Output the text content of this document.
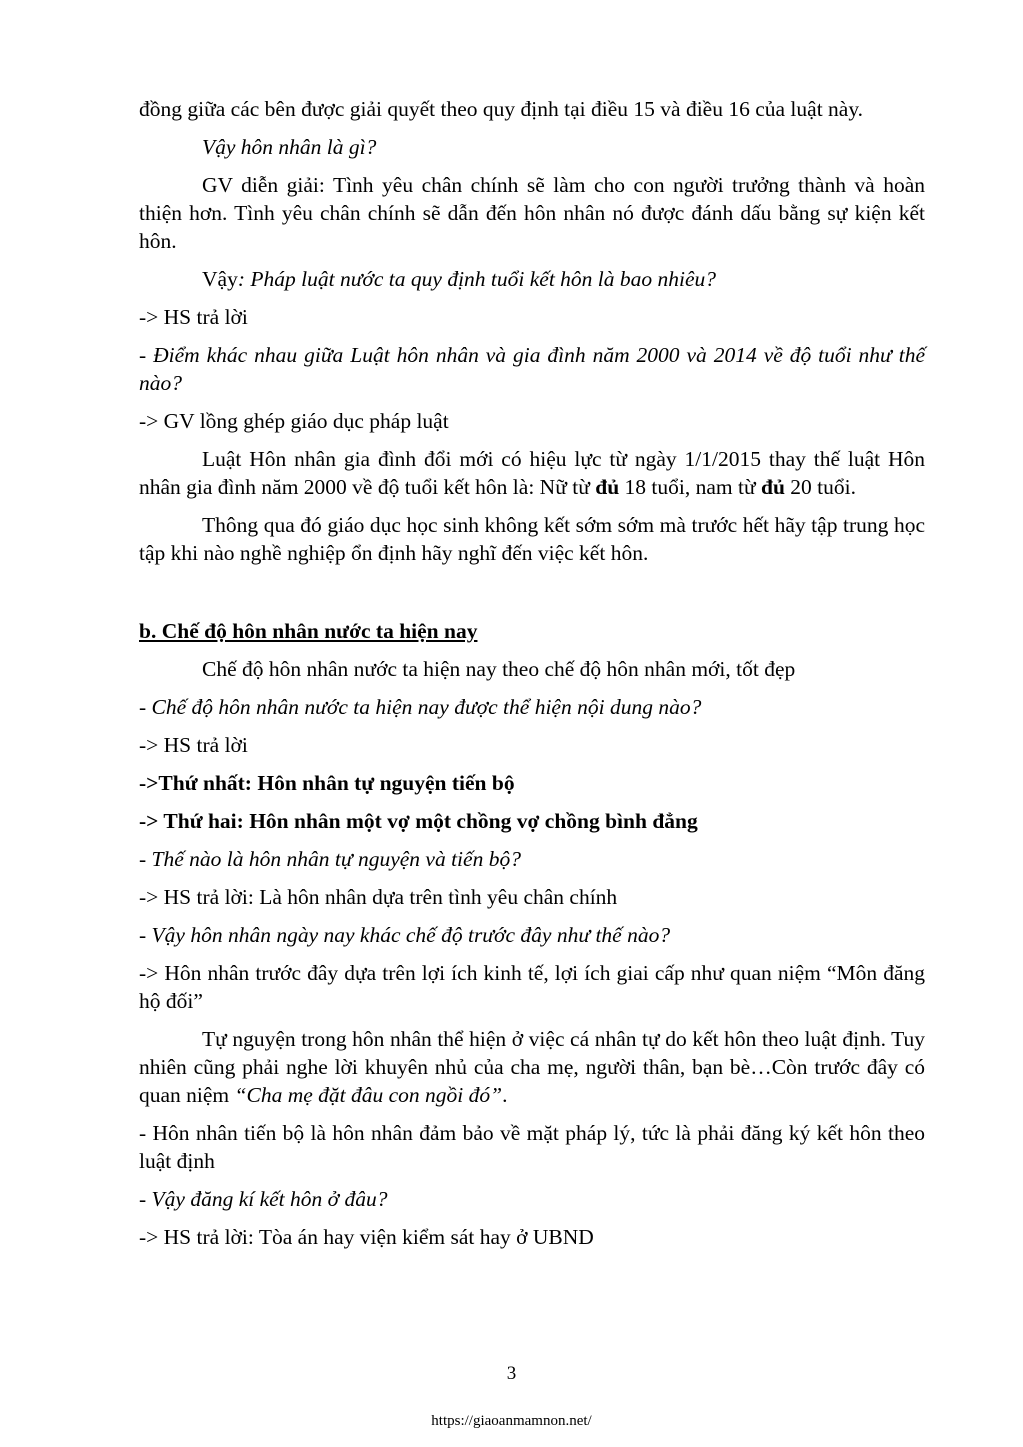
đồng giữa các bên được giải quyết theo quy định tại điều 15 và điều 16 của luật này.

Vậy hôn nhân là gì?

GV diễn giải: Tình yêu chân chính sẽ làm cho con người trưởng thành và hoàn thiện hơn. Tình yêu chân chính sẽ dẫn đến hôn nhân nó được đánh dấu bằng sự kiện kết hôn.

Vậy: Pháp luật nước ta quy định tuổi kết hôn là bao nhiêu?

-> HS trả lời

- Điểm khác nhau giữa Luật hôn nhân và gia đình năm 2000 và 2014 về độ tuổi như thế nào?

-> GV lồng ghép giáo dục pháp luật

Luật Hôn nhân gia đình đổi mới có hiệu lực từ ngày 1/1/2015 thay thế luật Hôn nhân gia đình năm 2000 về độ tuổi kết hôn là: Nữ từ đủ 18 tuổi, nam từ đủ 20 tuổi.

Thông qua đó giáo dục học sinh không kết sớm sớm mà trước hết hãy tập trung học tập khi nào nghề nghiệp ổn định hãy nghĩ đến việc kết hôn.

b. Chế độ hôn nhân nước ta hiện nay

Chế độ hôn nhân nước ta hiện nay theo chế độ hôn nhân mới, tốt đẹp

- Chế độ hôn nhân nước ta hiện nay được thể hiện nội dung nào?

-> HS trả lời

->Thứ nhất: Hôn nhân tự nguyện tiến bộ

-> Thứ hai: Hôn nhân một vợ một chồng vợ chồng bình đẳng

- Thế nào là hôn nhân tự nguyện và tiến bộ?

-> HS trả lời: Là hôn nhân dựa trên tình yêu chân chính

- Vậy hôn nhân ngày nay khác chế độ trước đây như thế nào?

-> Hôn nhân trước đây dựa trên lợi ích kinh tế, lợi ích giai cấp như quan niệm “Môn đăng hộ đối”

Tự nguyện trong hôn nhân thể hiện ở việc cá nhân tự do kết hôn theo luật định. Tuy nhiên cũng phải nghe lời khuyên nhủ của cha mẹ, người thân, bạn bè…Còn trước đây có quan niệm “Cha mẹ đặt đâu con ngồi đó”.

- Hôn nhân tiến bộ là hôn nhân đảm bảo về mặt pháp lý, tức là phải đăng ký kết hôn theo luật định

- Vậy đăng kí kết hôn ở đâu?

-> HS trả lời: Tòa án hay viện kiểm sát hay ở UBND

3
https://giaoanmamnon.net/
